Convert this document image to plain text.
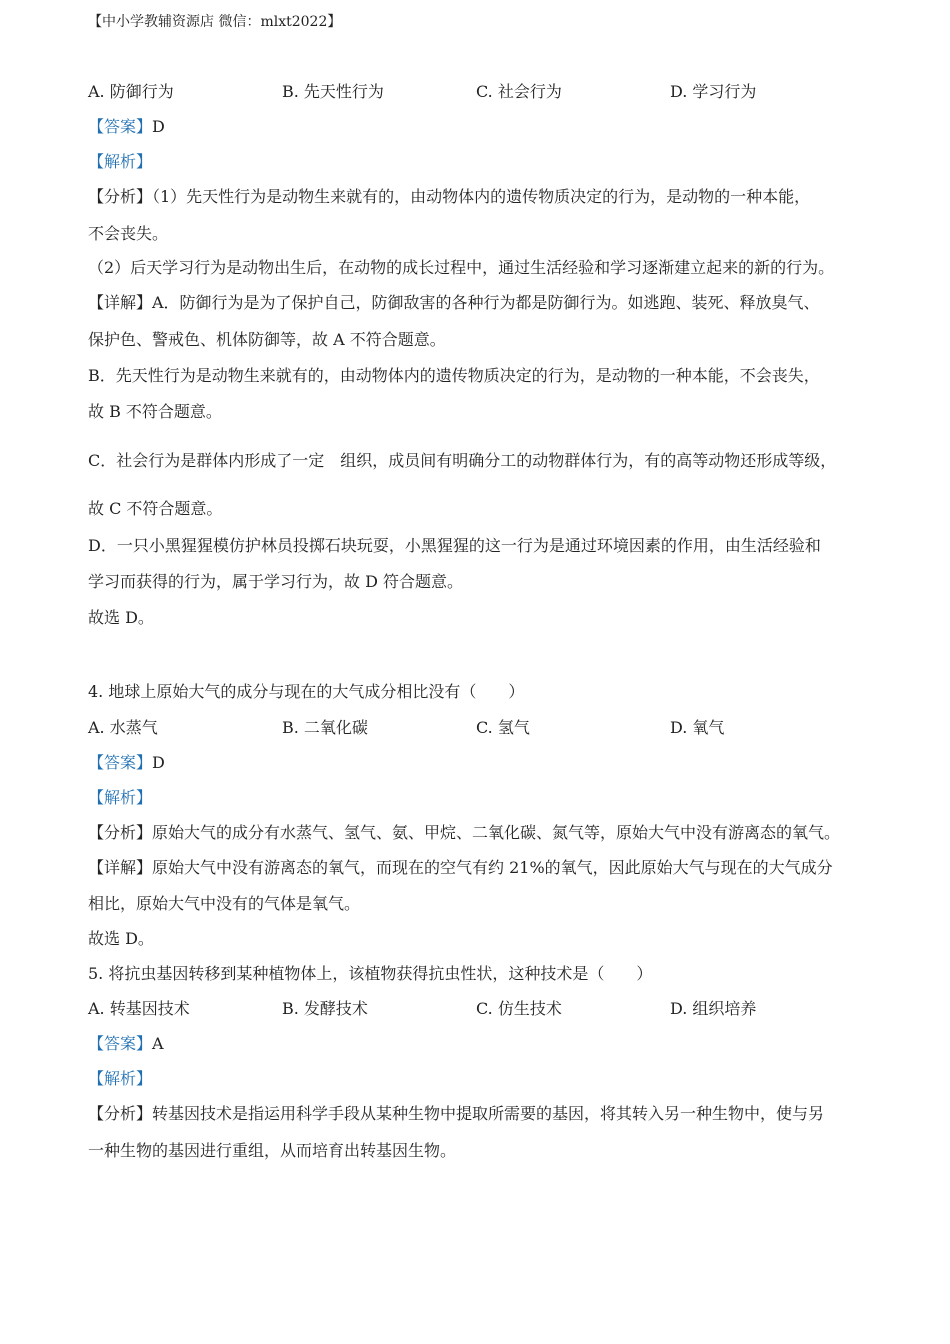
【中小学教辅资源店 微信：mlxt2022】
A. 防御行为	B. 先天性行为	C. 社会行为	D. 学习行为
【答案】D
【解析】
【分析】（1）先天性行为是动物生来就有的，由动物体内的遗传物质决定的行为，是动物的一种本能，
不会丧失。
（2）后天学习行为是动物出生后，在动物的成长过程中，通过生活经验和学习逐渐建立起来的新的行为。
【详解】A．防御行为是为了保护自己，防御敌害的各种行为都是防御行为。如逃跑、装死、释放臭气、
保护色、警戒色、机体防御等，故 A 不符合题意。
B．先天性行为是动物生来就有的，由动物体内的遗传物质决定的行为，是动物的一种本能，不会丧失，
故 B 不符合题意。
C．社会行为是群体内形成了一定　组织，成员间有明确分工的动物群体行为，有的高等动物还形成等级，
故 C 不符合题意。
D．一只小黑猩猩模仿护林员投掷石块玩耍，小黑猩猩的这一行为是通过环境因素的作用，由生活经验和
学习而获得的行为，属于学习行为，故 D 符合题意。
故选 D。
4. 地球上原始大气的成分与现在的大气成分相比没有（　　）
A. 水蒸气	B. 二氧化碳	C. 氢气	D. 氧气
【答案】D
【解析】
【分析】原始大气的成分有水蒸气、氢气、氨、甲烷、二氧化碳、氮气等，原始大气中没有游离态的氧气。
【详解】原始大气中没有游离态的氧气，而现在的空气有约 21%的氧气，因此原始大气与现在的大气成分
相比，原始大气中没有的气体是氧气。
故选 D。
5. 将抗虫基因转移到某种植物体上，该植物获得抗虫性状，这种技术是（　　）
A. 转基因技术	B. 发酵技术	C. 仿生技术	D. 组织培养
【答案】A
【解析】
【分析】转基因技术是指运用科学手段从某种生物中提取所需要的基因，将其转入另一种生物中，使与另
一种生物的基因进行重组，从而培育出转基因生物。
